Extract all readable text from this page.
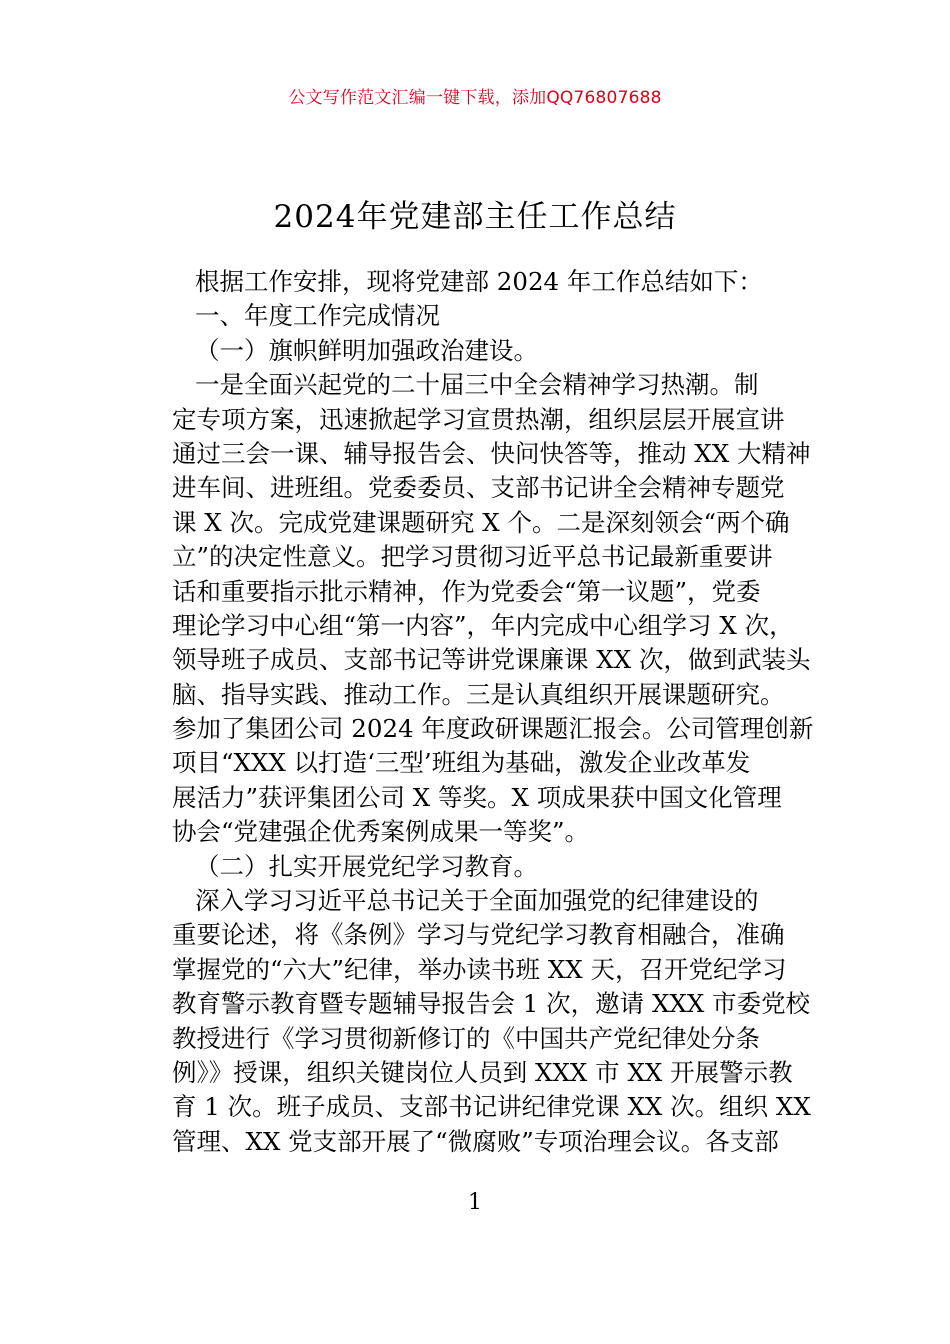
公文写作范文汇编一键下载，添加QQ76807688
2024年党建部主任工作总结
根据工作安排，现将党建部 2024 年工作总结如下：
一、年度工作完成情况
（一）旗帜鲜明加强政治建设。
一是全面兴起党的二十届三中全会精神学习热潮。制
定专项方案，迅速掀起学习宣贯热潮，组织层层开展宣讲
通过三会一课、辅导报告会、快问快答等，推动 XX 大精神
进车间、进班组。党委委员、支部书记讲全会精神专题党
课 X 次。完成党建课题研究 X 个。二是深刻领会“两个确
立”的决定性意义。把学习贯彻习近平总书记最新重要讲
话和重要指示批示精神，作为党委会“第一议题”，党委
理论学习中心组“第一内容”，年内完成中心组学习 X 次，
领导班子成员、支部书记等讲党课廉课 XX 次，做到武装头
脑、指导实践、推动工作。三是认真组织开展课题研究。
参加了集团公司 2024 年度政研课题汇报会。公司管理创新
项目“XXX 以打造‘三型’班组为基础，激发企业改革发
展活力”获评集团公司 X 等奖。X 项成果获中国文化管理
协会“党建强企优秀案例成果一等奖”。
（二）扎实开展党纪学习教育。
深入学习习近平总书记关于全面加强党的纪律建设的
重要论述，将《条例》学习与党纪学习教育相融合，准确
掌握党的“六大”纪律，举办读书班 XX 天，召开党纪学习
教育警示教育暨专题辅导报告会 1 次，邀请 XXX 市委党校
教授进行《学习贯彻新修订的《中国共产党纪律处分条
例》》授课，组织关键岗位人员到 XXX 市 XX 开展警示教
育 1 次。班子成员、支部书记讲纪律党课 XX 次。组织 XX
管理、XX 党支部开展了“微腐败”专项治理会议。各支部
1
